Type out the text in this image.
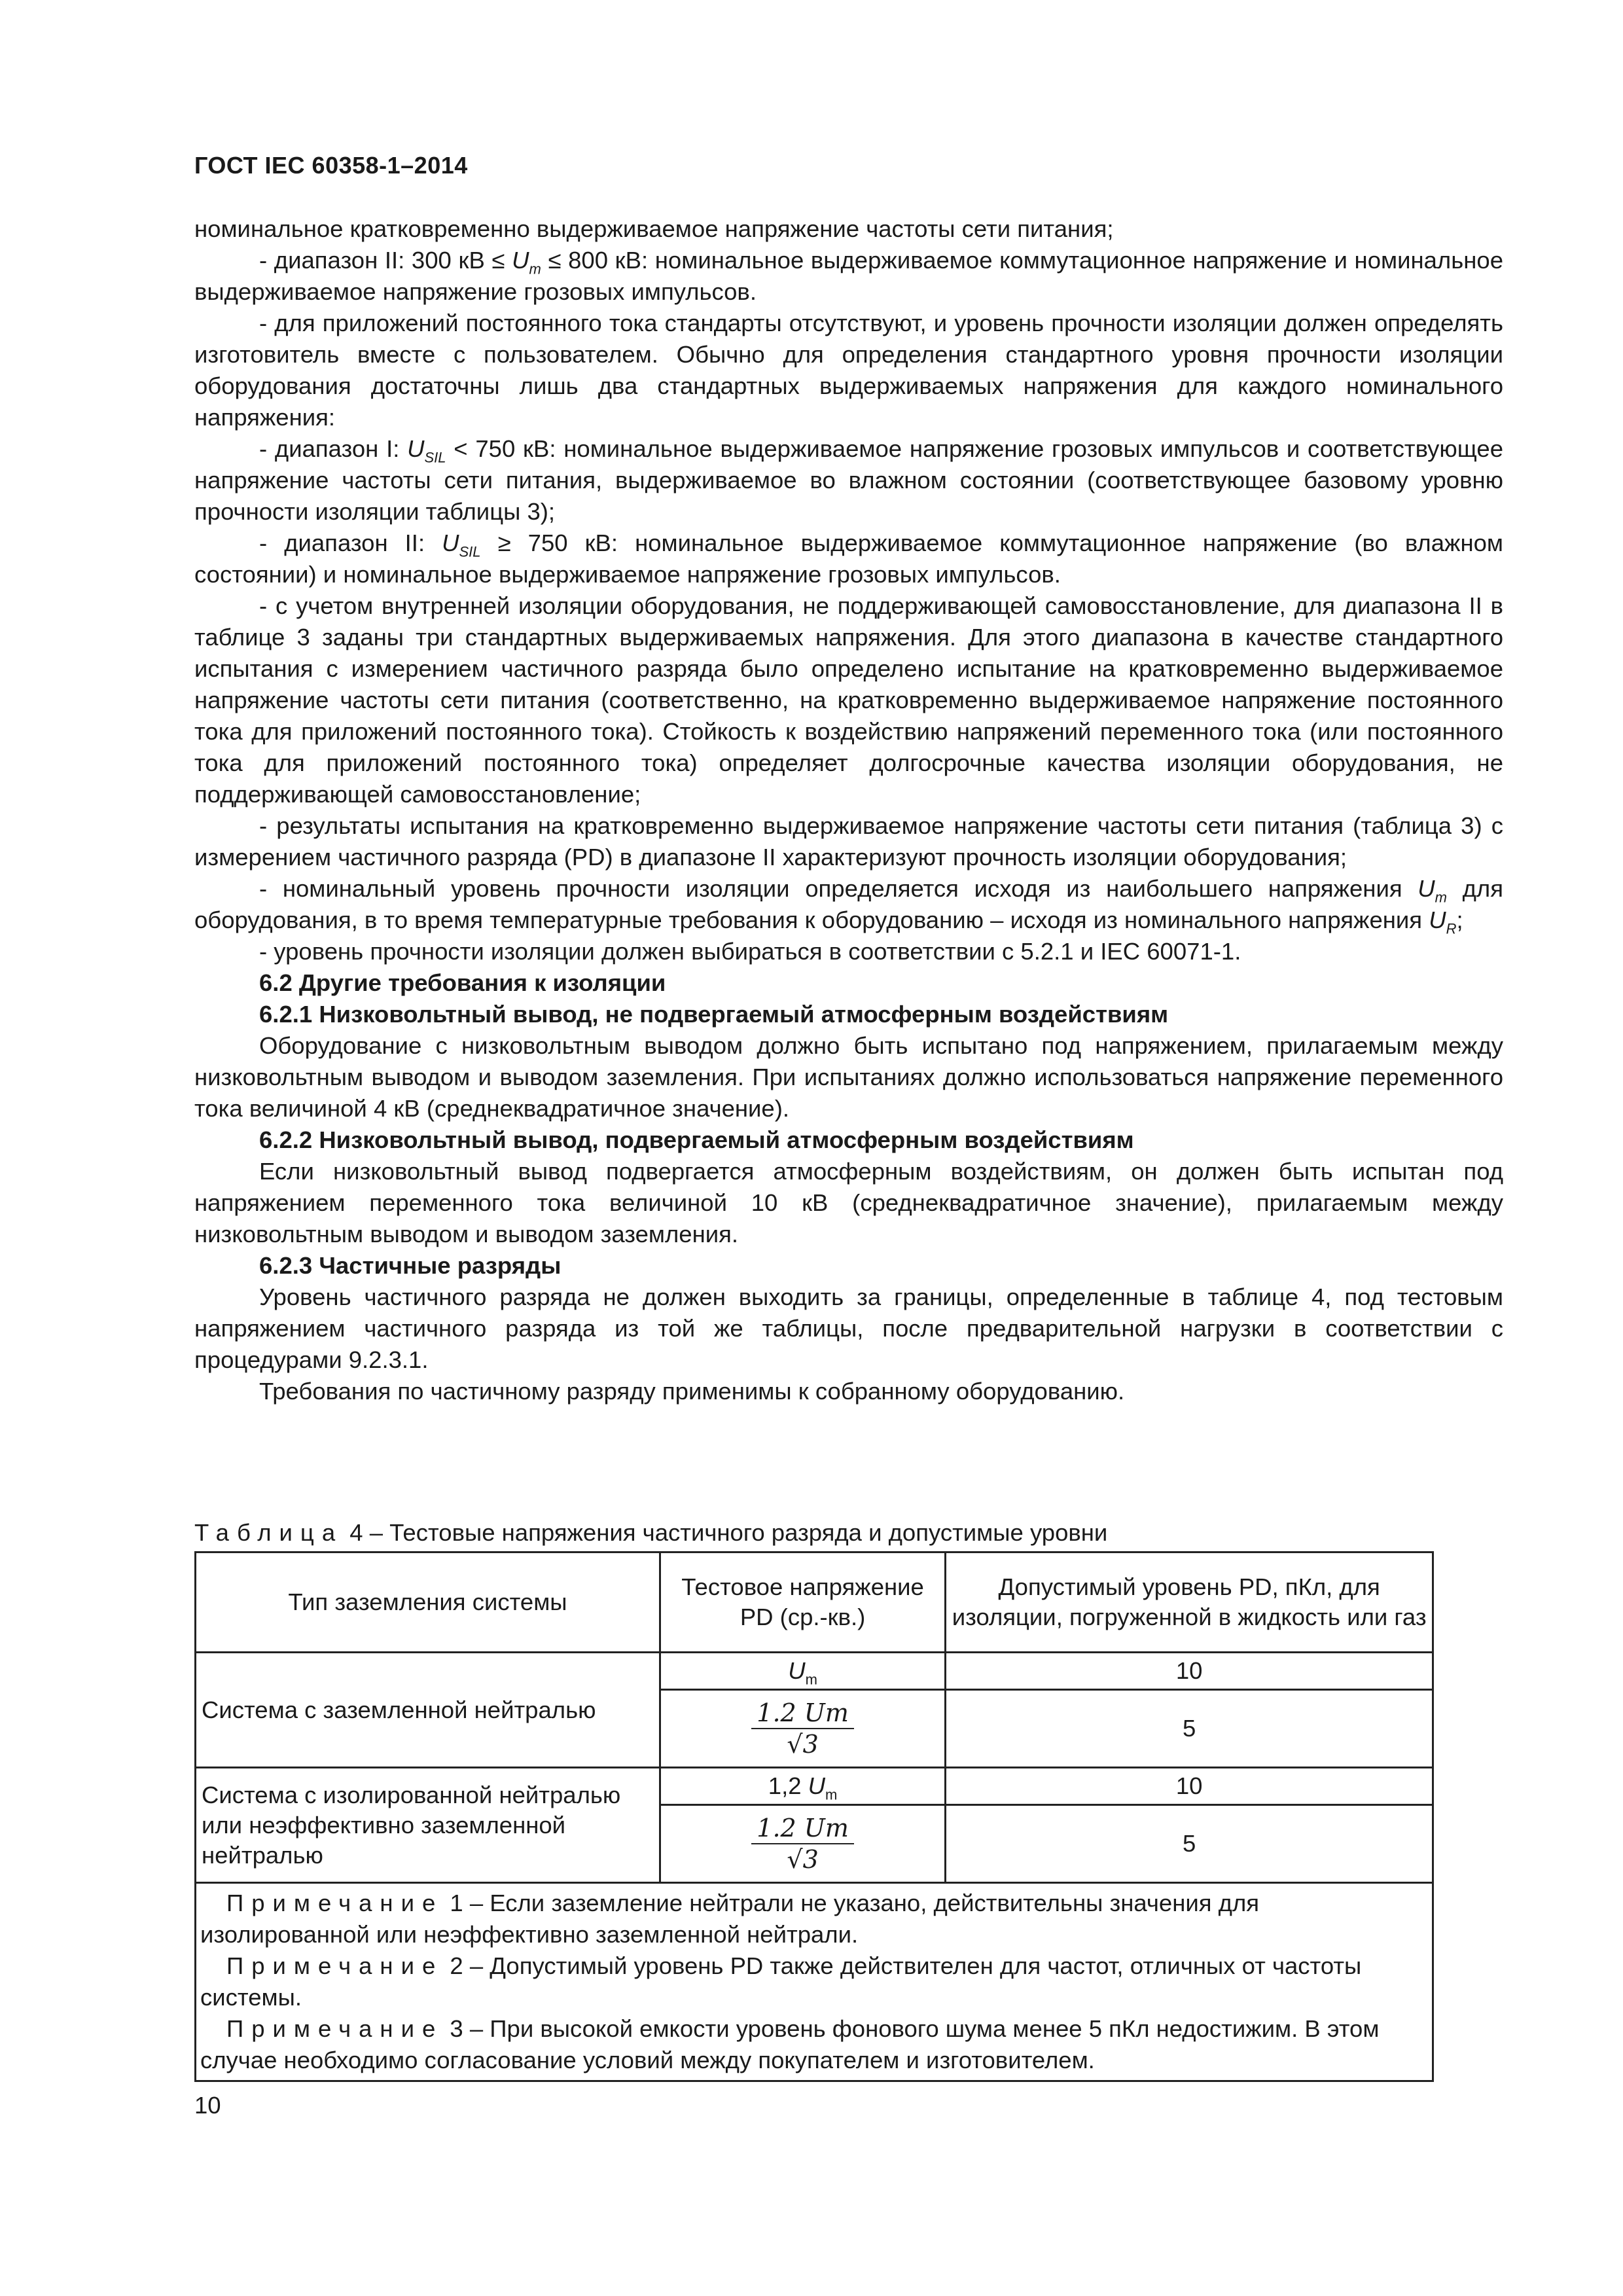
ГОСТ IEC 60358-1–2014

номинальное кратковременно выдерживаемое напряжение частоты сети питания;

- диапазон II: 300 кВ ≤ $U_m \le 800$ кВ: номинальное выдерживаемое коммутационное напряжение и номинальное выдерживаемое напряжение грозовых импульсов.

- для приложений постоянного тока стандарты отсутствуют, и уровень прочности изоляции должен определять изготовитель вместе с пользователем. Обычно для определения стандартного уровня прочности изоляции оборудования достаточны лишь два стандартных выдерживаемых напряжения для каждого номинального напряжения:

- диапазон I: $U_{SIL} < 750$ кВ: номинальное выдерживаемое напряжение грозовых импульсов и соответствующее напряжение частоты сети питания, выдерживаемое во влажном состоянии (соответствующее базовому уровню прочности изоляции таблицы 3);

- диапазон II: $U_{SIL} \ge 750$ кВ: номинальное выдерживаемое коммутационное напряжение (во влажном состоянии) и номинальное выдерживаемое напряжение грозовых импульсов.

- с учетом внутренней изоляции оборудования, не поддерживающей самовосстановление, для диапазона II в таблице 3 заданы три стандартных выдерживаемых напряжения. Для этого диапазона в качестве стандартного испытания с измерением частичного разряда было определено испытание на кратковременно выдерживаемое напряжение частоты сети питания (соответственно, на кратковременно выдерживаемое напряжение постоянного тока для приложений постоянного тока). Стойкость к воздействию напряжений переменного тока (или постоянного тока для приложений постоянного тока) определяет долгосрочные качества изоляции оборудования, не поддерживающей самовосстановление;

- результаты испытания на кратковременно выдерживаемое напряжение частоты сети питания (таблица 3) с измерением частичного разряда (PD) в диапазоне II характеризуют прочность изоляции оборудования;

- номинальный уровень прочности изоляции определяется исходя из наибольшего напряжения $U_m$ для оборудования, в то время температурные требования к оборудованию – исходя из номинального напряжения $U_R$;

- уровень прочности изоляции должен выбираться в соответствии с 5.2.1 и IEC 60071-1.

6.2 Другие требования к изоляции
6.2.1 Низковольтный вывод, не подвергаемый атмосферным воздействиям

Оборудование с низковольтным выводом должно быть испытано под напряжением, прилагаемым между низковольтным выводом и выводом заземления. При испытаниях должно использоваться напряжение переменного тока величиной 4 кВ (среднеквадратичное значение).

6.2.2 Низковольтный вывод, подвергаемый атмосферным воздействиям

Если низковольтный вывод подвергается атмосферным воздействиям, он должен быть испытан под напряжением переменного тока величиной 10 кВ (среднеквадратичное значение), прилагаемым между низковольтным выводом и выводом заземления.

6.2.3 Частичные разряды

Уровень частичного разряда не должен выходить за границы, определенные в таблице 4, под тестовым напряжением частичного разряда из той же таблицы, после предварительной нагрузки в соответствии с процедурами 9.2.3.1.

Требования по частичному разряду применимы к собранному оборудованию.

Таблица 4 – Тестовые напряжения частичного разряда и допустимые уровни
Тип заземления системы	Тестовое напряжение PD (ср.-кв.)	Допустимый уровень PD, пКл, для изоляции, погруженной в жидкость или газ
Система с заземленной нейтралью	$U_m$	10

	$\frac{1.2 Um}{√3}$	5
Система с изолированной нейтралью или неэффективно заземленной нейтралью	1,2 $U_m$	10

	$\frac{1.2 Um}{√3}$	5

Примечание 1 – Если заземление нейтрали не указано, действительны значения для изолированной или неэффективно заземленной нейтрали.

Примечание 2 – Допустимый уровень PD также действителен для частот, отличных от частоты системы.

Примечание 3 – При высокой емкости уровень фонового шума менее 5 пКл недостижим. В этом случае необходимо согласование условий между покупателем и изготовителем.		

10
